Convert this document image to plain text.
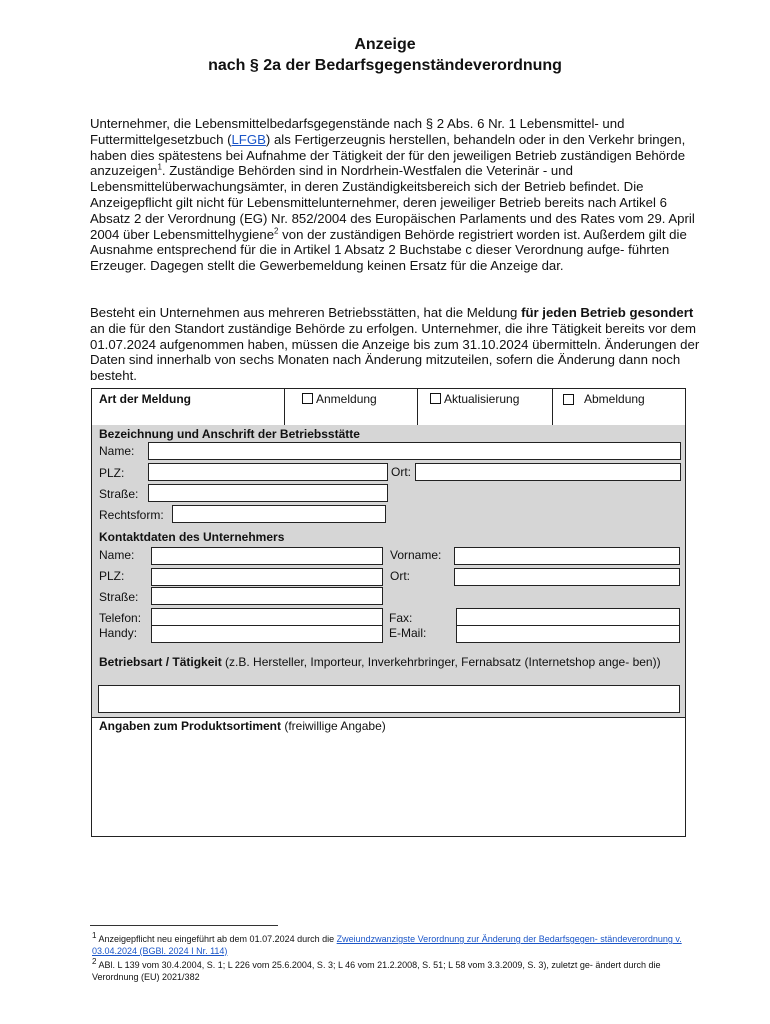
Anzeige
nach § 2a der Bedarfsgegenständeverordnung
Unternehmer, die Lebensmittelbedarfsgegenstände nach § 2 Abs. 6 Nr. 1 Lebensmittel- und Futtermittelgesetzbuch (LFGB) als Fertigerzeugnis herstellen, behandeln oder in den Verkehr bringen, haben dies spätestens bei Aufnahme der Tätigkeit der für den jeweiligen Betrieb zuständigen Behörde anzuzeigen$^1$. Zuständige Behörden sind in Nordrhein-Westfalen die Veterinär - und Lebensmittelüberwachungsämter, in deren Zuständigkeitsbereich sich der Betrieb befindet. Die Anzeigepflicht gilt nicht für Lebensmittelunternehmer, deren jeweiliger Betrieb bereits nach Artikel 6 Absatz 2 der Verordnung (EG) Nr. 852/2004 des Europäischen Parlaments und des Rates vom 29. April 2004 über Lebensmittelhygiene$^2$ von der zuständigen Behörde registriert worden ist. Außerdem gilt die Ausnahme entsprechend für die in Artikel 1 Absatz 2 Buchstabe c dieser Verordnung aufge- führten Erzeuger. Dagegen stellt die Gewerbemeldung keinen Ersatz für die Anzeige dar.
Besteht ein Unternehmen aus mehreren Betriebsstätten, hat die Meldung für jeden Betrieb gesondert an die für den Standort zuständige Behörde zu erfolgen. Unternehmer, die ihre Tätigkeit bereits vor dem 01.07.2024 aufgenommen haben, müssen die Anzeige bis zum 31.10.2024 übermitteln. Änderungen der Daten sind innerhalb von sechs Monaten nach Änderung mitzuteilen, sofern die Änderung dann noch besteht.
Art der Meldung	Anmeldung	Aktualisierung	Abmeldung
Bezeichnung und Anschrift der Betriebsstätte
Name:
PLZ:	Ort:
Straße:
Rechtsform:
Kontaktdaten des Unternehmers
Name:	Vorname:
PLZ:	Ort:
Straße:
Telefon:	Fax:
Handy:	E-Mail:
Betriebsart / Tätigkeit (z.B. Hersteller, Importeur, Inverkehrbringer, Fernabsatz (Internetshop ange- ben))
Angaben zum Produktsortiment (freiwillige Angabe)
$^1$ Anzeigepflicht neu eingeführt ab dem 01.07.2024 durch die Zweiundzwanzigste Verordnung zur Änderung der Bedarfsgegen- ständeverordnung v. 03.04.2024 (BGBl. 2024 I Nr. 114)
$^2$ ABl. L 139 vom 30.4.2004, S. 1; L 226 vom 25.6.2004, S. 3; L 46 vom 21.2.2008, S. 51; L 58 vom 3.3.2009, S. 3), zuletzt ge- ändert durch die Verordnung (EU) 2021/382
